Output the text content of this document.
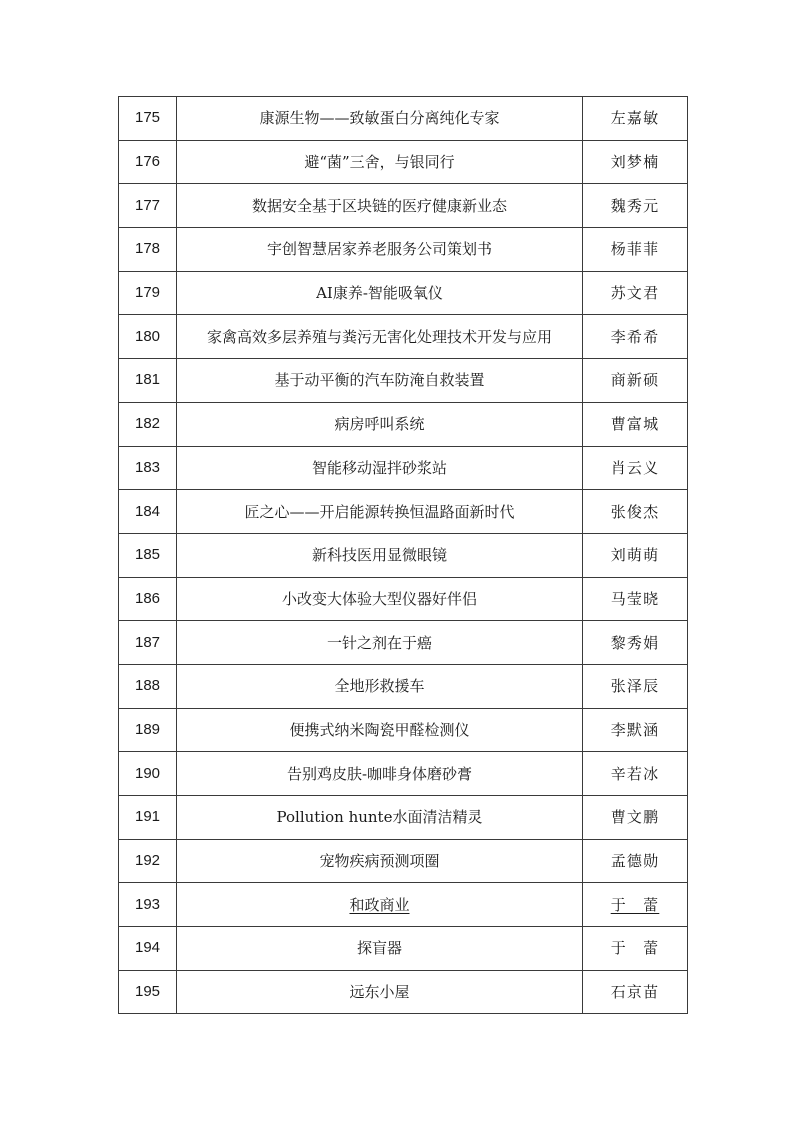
175	康源生物——致敏蛋白分离纯化专家	左嘉敏
176	避“菌”三舍，与银同行	刘梦楠
177	数据安全基于区块链的医疗健康新业态	魏秀元
178	宇创智慧居家养老服务公司策划书	杨菲菲
179	AI康养-智能吸氧仪	苏文君
180	家禽高效多层养殖与粪污无害化处理技术开发与应用	李希希
181	基于动平衡的汽车防淹自救装置	商新硕
182	病房呼叫系统	曹富城
183	智能移动湿拌砂浆站	肖云义
184	匠之心——开启能源转换恒温路面新时代	张俊杰
185	新科技医用显微眼镜	刘萌萌
186	小改变大体验大型仪器好伴侣	马莹晓
187	一针之剂在于癌	黎秀娟
188	全地形救援车	张泽辰
189	便携式纳米陶瓷甲醛检测仪	李默涵
190	告别鸡皮肤-咖啡身体磨砂膏	辛若冰
191	Pollution hunte水面清洁精灵	曹文鹏
192	宠物疾病预测项圈	孟德勋
193	和政商业	于　蕾
194	探盲器	于　蕾
195	远东小屋	石京苗
